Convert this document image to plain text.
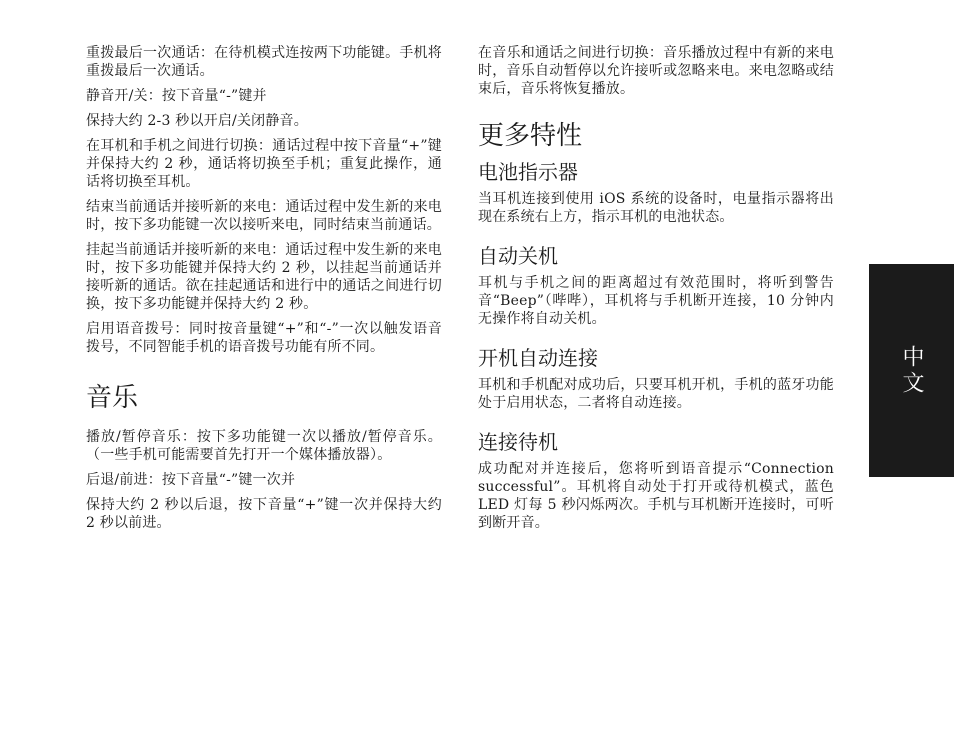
重拨最后一次通话：在待机模式连按两下功能键。手机将重拨最后一次通话。

静音开/关：按下音量“-”键并

保持大约 2-3 秒以开启/关闭静音。

在耳机和手机之间进行切换：通话过程中按下音量“+”键并保持大约 2 秒，通话将切换至手机；重复此操作，通话将切换至耳机。

结束当前通话并接听新的来电：通话过程中发生新的来电时，按下多功能键一次以接听来电，同时结束当前通话。

挂起当前通话并接听新的来电：通话过程中发生新的来电时，按下多功能键并保持大约 2 秒，以挂起当前通话并接听新的通话。欲在挂起通话和进行中的通话之间进行切换，按下多功能键并保持大约 2 秒。

启用语音拨号：同时按音量键“+”和“-”一次以触发语音拨号，不同智能手机的语音拨号功能有所不同。

音乐

播放/暂停音乐：按下多功能键一次以播放/暂停音乐。（一些手机可能需要首先打开一个媒体播放器）。

后退/前进：按下音量“-”键一次并

保持大约 2 秒以后退，按下音量“+”键一次并保持大约 2 秒以前进。

在音乐和通话之间进行切换：音乐播放过程中有新的来电时，音乐自动暂停以允许接听或忽略来电。来电忽略或结束后，音乐将恢复播放。

更多特性
电池指示器

当耳机连接到使用 iOS 系统的设备时，电量指示器将出现在系统右上方，指示耳机的电池状态。

自动关机

耳机与手机之间的距离超过有效范围时，将听到警告音“Beep”（哔哔），耳机将与手机断开连接，10 分钟内无操作将自动关机。

开机自动连接

耳机和手机配对成功后，只要耳机开机，手机的蓝牙功能处于启用状态，二者将自动连接。

连接待机

成功配对并连接后，您将听到语音提示“Connection successful”。耳机将自动处于打开或待机模式，蓝色 LED 灯每 5 秒闪烁两次。手机与耳机断开连接时，可听到断开音。

中文
